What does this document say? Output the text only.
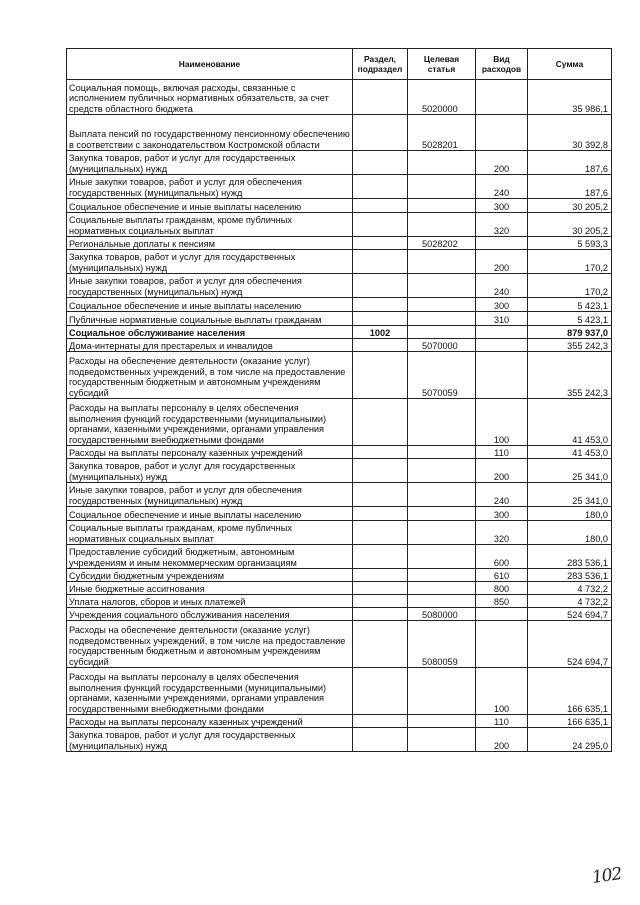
Наименование	Раздел, подраздел	Целевая статья	Вид расходов	Сумма
Социальная помощь, включая расходы, связанные с исполнением публичных нормативных обязательств, за счет средств областного бюджета		5020000		35 986,1
Выплата пенсий по государственному пенсионному обеспечению в соответствии с законодательством Костромской области		5028201		30 392,8
Закупка товаров, работ и услуг для государственных (муниципальных) нужд			200	187,6
Иные закупки товаров, работ и услуг для обеспечения государственных (муниципальных) нужд			240	187,6
Социальное обеспечение и иные выплаты населению			300	30 205,2
Социальные выплаты гражданам, кроме публичных нормативных социальных выплат			320	30 205,2
Региональные доплаты к пенсиям		5028202		5 593,3
Закупка товаров, работ и услуг для государственных (муниципальных) нужд			200	170,2
Иные закупки товаров, работ и услуг для обеспечения государственных (муниципальных) нужд			240	170,2
Социальное обеспечение и иные выплаты населению			300	5 423,1
Публичные нормативные социальные выплаты гражданам			310	5 423,1
Социальное обслуживание населения	1002			879 937,0
Дома-интернаты для престарелых и инвалидов		5070000		355 242,3
Расходы на обеспечение деятельности (оказание услуг) подведомственных учреждений, в том числе на предоставление государственным бюджетным и автономным учреждениям субсидий		5070059		355 242,3
Расходы на выплаты персоналу в целях обеспечения выполнения функций государственными (муниципальными) органами, казенными учреждениями, органами управления государственными внебюджетными фондами			100	41 453,0
Расходы на выплаты персоналу казенных учреждений			110	41 453,0
Закупка товаров, работ и услуг для государственных (муниципальных) нужд			200	25 341,0
Иные закупки товаров, работ и услуг для обеспечения государственных (муниципальных) нужд			240	25 341,0
Социальное обеспечение и иные выплаты населению			300	180,0
Социальные выплаты гражданам, кроме публичных нормативных социальных выплат			320	180,0
Предоставление субсидий бюджетным, автономным учреждениям и иным некоммерческим организациям			600	283 536,1
Субсидии бюджетным учреждениям			610	283 536,1
Иные бюджетные ассигнования			800	4 732,2
Уплата налогов, сборов и иных платежей			850	4 732,2
Учреждения социального обслуживания населения		5080000		524 694,7
Расходы на обеспечение деятельности (оказание услуг) подведомственных учреждений, в том числе на предоставление государственным бюджетным и автономным учреждениям субсидий		5080059		524 694,7
Расходы на выплаты персоналу в целях обеспечения выполнения функций государственными (муниципальными) органами, казенными учреждениями, органами управления государственными внебюджетными фондами			100	166 635,1
Расходы на выплаты персоналу казенных учреждений			110	166 635,1
Закупка товаров, работ и услуг для государственных (муниципальных) нужд			200	24 295,0
102
